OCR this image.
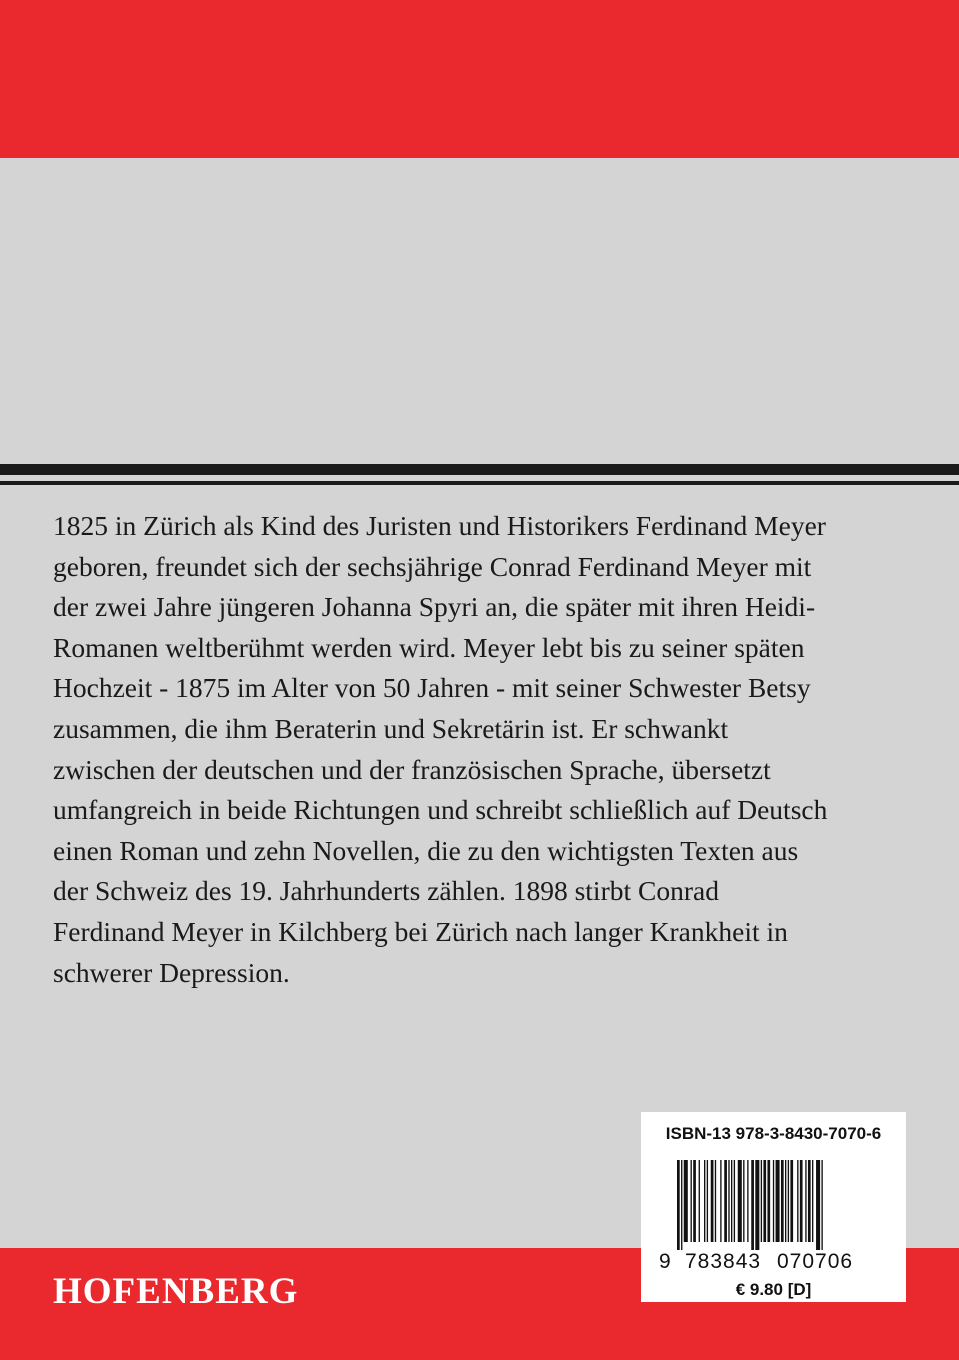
1825 in Zürich als Kind des Juristen und Historikers Ferdinand Meyer
geboren, freundet sich der sechsjährige Conrad Ferdinand Meyer mit
der zwei Jahre jüngeren Johanna Spyri an, die später mit ihren Heidi-
Romanen weltberühmt werden wird. Meyer lebt bis zu seiner späten
Hochzeit - 1875 im Alter von 50 Jahren - mit seiner Schwester Betsy
zusammen, die ihm Beraterin und Sekretärin ist. Er schwankt
zwischen der deutschen und der französischen Sprache, übersetzt
umfangreich in beide Richtungen und schreibt schließlich auf Deutsch
einen Roman und zehn Novellen, die zu den wichtigsten Texten aus
der Schweiz des 19. Jahrhunderts zählen. 1898 stirbt Conrad
Ferdinand Meyer in Kilchberg bei Zürich nach langer Krankheit in
schwerer Depression.
HOFENBERG
ISBN-13 978-3-8430-7070-6
9 783843 070706
€ 9.80 [D]
